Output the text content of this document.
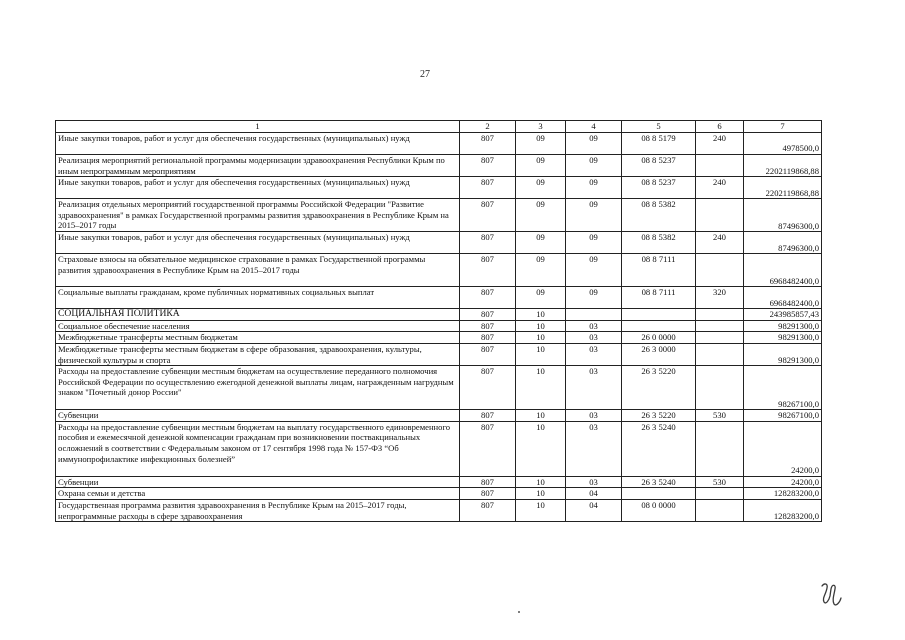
27
1	2	3	4	5	6	7
Иные закупки товаров, работ и услуг для обеспечения государственных (муниципальных) нужд	807	09	09	08 8 5179	240	4978500,0
Реализация мероприятий региональной программы модернизации здравоохранения Республики Крым по иным непрограммным мероприятиям	807	09	09	08 8 5237		2202119868,88
Иные закупки товаров, работ и услуг для обеспечения государственных (муниципальных) нужд	807	09	09	08 8 5237	240	2202119868,88
Реализация отдельных мероприятий государственной программы Российской Федерации "Развитие здравоохранения" в рамках Государственной программы развития здравоохранения в Республике Крым на 2015–2017 годы	807	09	09	08 8 5382		87496300,0
Иные закупки товаров, работ и услуг для обеспечения государственных (муниципальных) нужд	807	09	09	08 8 5382	240	87496300,0
Страховые взносы на обязательное медицинское страхование в рамках Государственной программы развития здравоохранения в Республике Крым на 2015–2017 годы	807	09	09	08 8 7111		6968482400,0
Социальные выплаты гражданам, кроме публичных нормативных социальных выплат	807	09	09	08 8 7111	320	6968482400,0
СОЦИАЛЬНАЯ ПОЛИТИКА	807	10				243985857,43
Социальное обеспечение населения	807	10	03			98291300,0
Межбюджетные трансферты местным бюджетам	807	10	03	26 0 0000		98291300,0
Межбюджетные трансферты местным бюджетам в сфере образования, здравоохранения, культуры, физической культуры и спорта	807	10	03	26 3 0000		98291300,0
Расходы на предоставление субвенции местным бюджетам на осуществление переданного полномочия Российской Федерации по осуществлению ежегодной денежной выплаты лицам, награжденным нагрудным знаком "Почетный донор России"	807	10	03	26 3 5220		98267100,0
Субвенции	807	10	03	26 3 5220	530	98267100,0
Расходы на предоставление субвенции местным бюджетам на выплату государственного единовременного пособия и ежемесячной денежной компенсации гражданам при возникновении поствакцинальных осложнений в соответствии с Федеральным законом от 17 сентября 1998 года № 157-ФЗ “Об иммунопрофилактике инфекционных болезней”	807	10	03	26 3 5240		24200,0
Субвенции	807	10	03	26 3 5240	530	24200,0
Охрана семьи и детства	807	10	04			128283200,0
Государственная программа развития здравоохранения в Республике Крым на 2015–2017 годы, непрограммные расходы в сфере здравоохранения	807	10	04	08 0 0000		128283200,0
